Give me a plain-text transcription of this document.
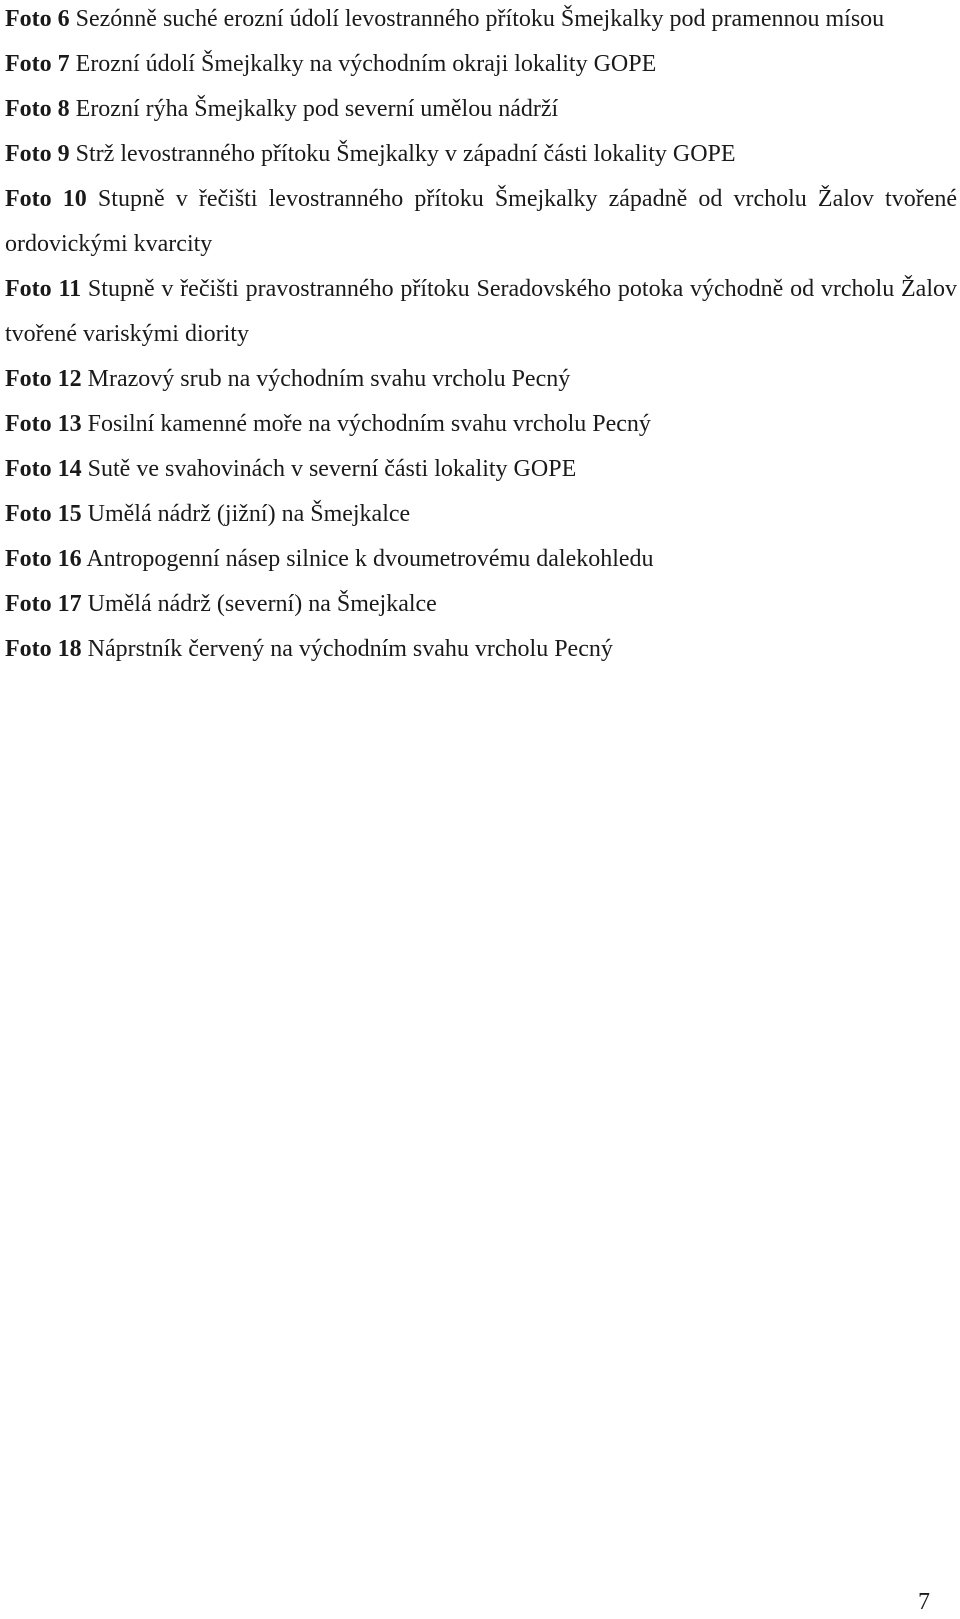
Foto 6 Sezónně suché erozní údolí levostranného přítoku Šmejkalky pod pramennou mísou
Foto 7 Erozní údolí Šmejkalky na východním okraji lokality GOPE
Foto 8 Erozní rýha Šmejkalky pod severní umělou nádrží
Foto 9 Strž levostranného přítoku Šmejkalky v západní části lokality GOPE
Foto 10 Stupně v řečišti levostranného přítoku Šmejkalky západně od vrcholu Žalov tvořené ordovickými kvarcity
Foto 11 Stupně v řečišti pravostranného přítoku Seradovského potoka východně od vrcholu Žalov tvořené variskými diority
Foto 12 Mrazový srub na východním svahu vrcholu Pecný
Foto 13 Fosilní kamenné moře na východním svahu vrcholu Pecný
Foto 14 Sutě ve svahovinách v severní části lokality GOPE
Foto 15 Umělá nádrž (jižní) na Šmejkalce
Foto 16 Antropogenní násep silnice k dvoumetrovému dalekohledu
Foto 17 Umělá nádrž (severní) na Šmejkalce
Foto 18 Náprstník červený na východním svahu vrcholu Pecný
7
